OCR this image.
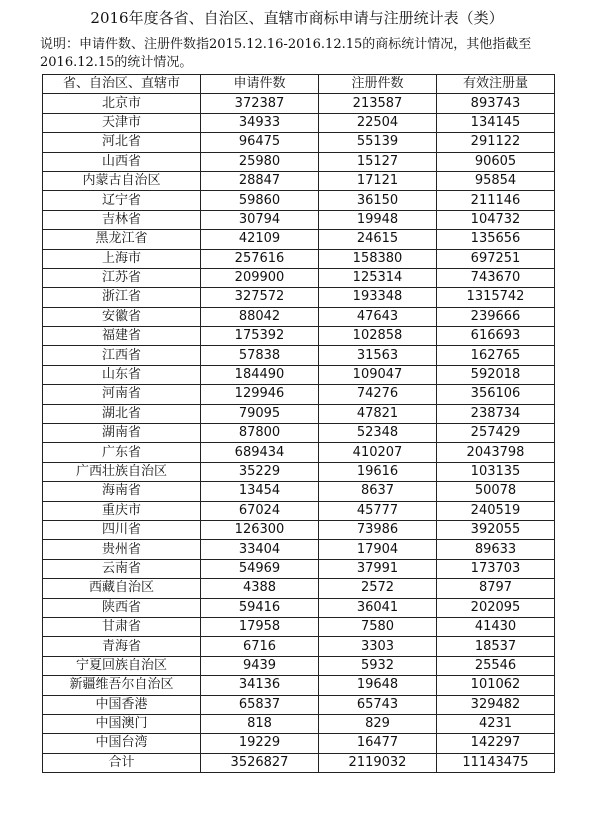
2016年度各省、自治区、直辖市商标申请与注册统计表（类）
说明：申请件数、注册件数指2015.12.16-2016.12.15的商标统计情况，其他指截至2016.12.15的统计情况。
省、自治区、直辖市	申请件数	注册件数	有效注册量
北京市	372387	213587	893743
天津市	34933	22504	134145
河北省	96475	55139	291122
山西省	25980	15127	90605
内蒙古自治区	28847	17121	95854
辽宁省	59860	36150	211146
吉林省	30794	19948	104732
黑龙江省	42109	24615	135656
上海市	257616	158380	697251
江苏省	209900	125314	743670
浙江省	327572	193348	1315742
安徽省	88042	47643	239666
福建省	175392	102858	616693
江西省	57838	31563	162765
山东省	184490	109047	592018
河南省	129946	74276	356106
湖北省	79095	47821	238734
湖南省	87800	52348	257429
广东省	689434	410207	2043798
广西壮族自治区	35229	19616	103135
海南省	13454	8637	50078
重庆市	67024	45777	240519
四川省	126300	73986	392055
贵州省	33404	17904	89633
云南省	54969	37991	173703
西藏自治区	4388	2572	8797
陕西省	59416	36041	202095
甘肃省	17958	7580	41430
青海省	6716	3303	18537
宁夏回族自治区	9439	5932	25546
新疆维吾尔自治区	34136	19648	101062
中国香港	65837	65743	329482
中国澳门	818	829	4231
中国台湾	19229	16477	142297
合计	3526827	2119032	11143475
